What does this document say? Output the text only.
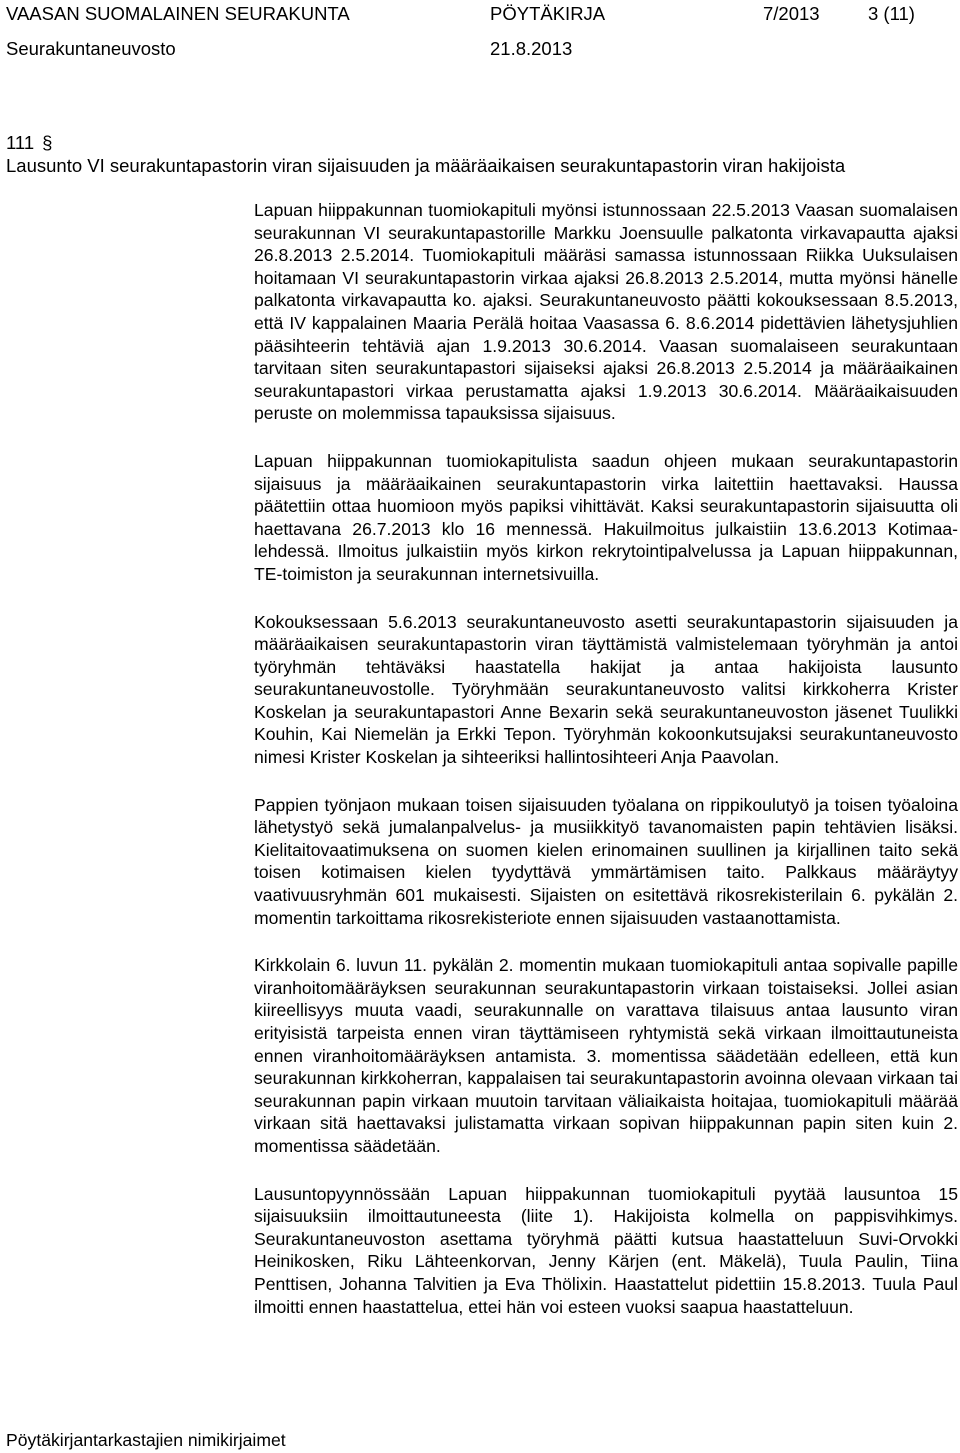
VAASAN SUOMALAINEN SEURAKUNTA	PÖYTÄKIRJA	7/2013	3 (11)
Seurakuntaneuvosto	21.8.2013
111 §
Lausunto VI seurakuntapastorin viran sijaisuuden ja määräaikaisen seurakuntapastorin viran hakijoista

Lapuan hiippakunnan tuomiokapituli myönsi istunnossaan 22.5.2013 Vaasan suomalaisen seurakunnan VI seurakuntapastorille Markku Joensuulle palkatonta virkavapautta ajaksi 26.8.2013 2.5.2014. Tuomiokapituli määräsi samassa istunnossaan Riikka Uuksulaisen hoitamaan VI seurakuntapastorin virkaa ajaksi 26.8.2013 2.5.2014, mutta myönsi hänelle palkatonta virkavapautta ko. ajaksi. Seurakuntaneuvosto päätti kokouksessaan 8.5.2013, että IV kappalainen Maaria Perälä hoitaa Vaasassa 6. 8.6.2014 pidettävien lähetysjuhlien pääsihteerin tehtäviä ajan 1.9.2013 30.6.2014. Vaasan suomalaiseen seurakuntaan tarvitaan siten seurakuntapastori sijaiseksi ajaksi 26.8.2013 2.5.2014 ja määräaikainen seurakuntapastori virkaa perustamatta ajaksi 1.9.2013 30.6.2014. Määräaikaisuuden peruste on molemmissa tapauksissa sijaisuus.

Lapuan hiippakunnan tuomiokapitulista saadun ohjeen mukaan seurakuntapastorin sijaisuus ja määräaikainen seurakuntapastorin virka laitettiin haettavaksi. Haussa päätettiin ottaa huomioon myös papiksi vihittävät. Kaksi seurakuntapastorin sijaisuutta oli haettavana 26.7.2013 klo 16 mennessä. Hakuilmoitus julkaistiin 13.6.2013 Kotimaa-lehdessä. Ilmoitus julkaistiin myös kirkon rekrytointipalvelussa ja Lapuan hiippakunnan, TE-toimiston ja seurakunnan internetsivuilla.

Kokouksessaan 5.6.2013 seurakuntaneuvosto asetti seurakuntapastorin sijaisuuden ja määräaikaisen seurakuntapastorin viran täyttämistä valmistelemaan työryhmän ja antoi työryhmän tehtäväksi haastatella hakijat ja antaa hakijoista lausunto seurakuntaneuvostolle. Työryhmään seurakuntaneuvosto valitsi kirkkoherra Krister Koskelan ja seurakuntapastori Anne Bexarin sekä seurakuntaneuvoston jäsenet Tuulikki Kouhin, Kai Niemelän ja Erkki Tepon. Työryhmän kokoonkutsujaksi seurakuntaneuvosto nimesi Krister Koskelan ja sihteeriksi hallintosihteeri Anja Paavolan.

Pappien työnjaon mukaan toisen sijaisuuden työalana on rippikoulutyö ja toisen työaloina lähetystyö sekä jumalanpalvelus- ja musiikkityö tavanomaisten papin tehtävien lisäksi. Kielitaitovaatimuksena on suomen kielen erinomainen suullinen ja kirjallinen taito sekä toisen kotimaisen kielen tyydyttävä ymmärtämisen taito. Palkkaus määräytyy vaativuusryhmän 601 mukaisesti. Sijaisten on esitettävä rikosrekisterilain 6. pykälän 2. momentin tarkoittama rikosrekisteriote ennen sijaisuuden vastaanottamista.

Kirkkolain 6. luvun 11. pykälän 2. momentin mukaan tuomiokapituli antaa sopivalle papille viranhoitomääräyksen seurakunnan seurakuntapastorin virkaan toistaiseksi. Jollei asian kiireellisyys muuta vaadi, seurakunnalle on varattava tilaisuus antaa lausunto viran erityisistä tarpeista ennen viran täyttämiseen ryhtymistä sekä virkaan ilmoittautuneista ennen viranhoitomääräyksen antamista. 3. momentissa säädetään edelleen, että kun seurakunnan kirkkoherran, kappalaisen tai seurakuntapastorin avoinna olevaan virkaan tai seurakunnan papin virkaan muutoin tarvitaan väliaikaista hoitajaa, tuomiokapituli määrää virkaan sitä haettavaksi julistamatta virkaan sopivan hiippakunnan papin siten kuin 2. momentissa säädetään.

Lausuntopyynnössään Lapuan hiippakunnan tuomiokapituli pyytää lausuntoa 15 sijaisuuksiin ilmoittautuneesta (liite 1). Hakijoista kolmella on pappisvihkimys. Seurakuntaneuvoston asettama työryhmä päätti kutsua haastatteluun Suvi-Orvokki Heinikosken, Riku Lähteenkorvan, Jenny Kärjen (ent. Mäkelä), Tuula Paulin, Tiina Penttisen, Johanna Talvitien ja Eva Thölixin. Haastattelut pidettiin 15.8.2013. Tuula Paul ilmoitti ennen haastattelua, ettei hän voi esteen vuoksi saapua haastatteluun.

Pöytäkirjantarkastajien nimikirjaimet
